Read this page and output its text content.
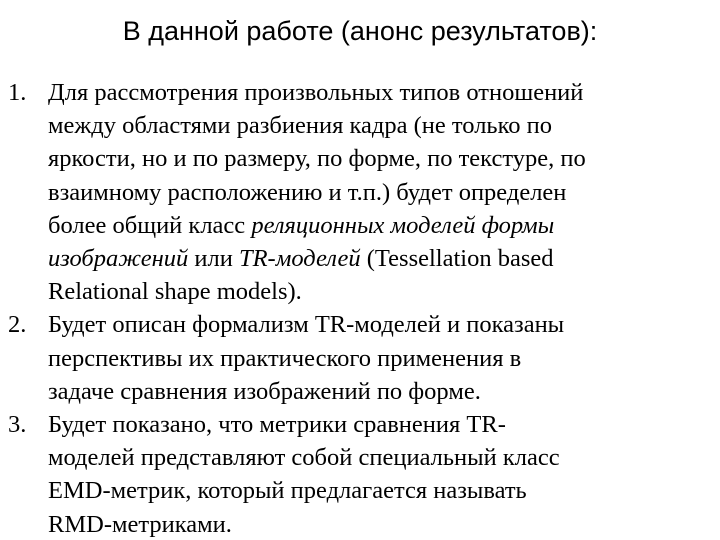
В данной работе (анонс результатов):
1. Для рассмотрения произвольных типов отношений
между областями разбиения кадра (не только по
яркости, но и по размеру, по форме, по текстуре, по
взаимному расположению и т.п.) будет определен
более общий класс реляционных моделей формы
изображений или TR-моделей (Tessellation based
Relational shape models).
2. Будет описан формализм TR-моделей и показаны
перспективы их практического применения в
задаче сравнения изображений по форме.
3. Будет показано, что метрики сравнения TR-
моделей представляют собой специальный класс
EMD-метрик, который предлагается называть
RMD-метриками.
